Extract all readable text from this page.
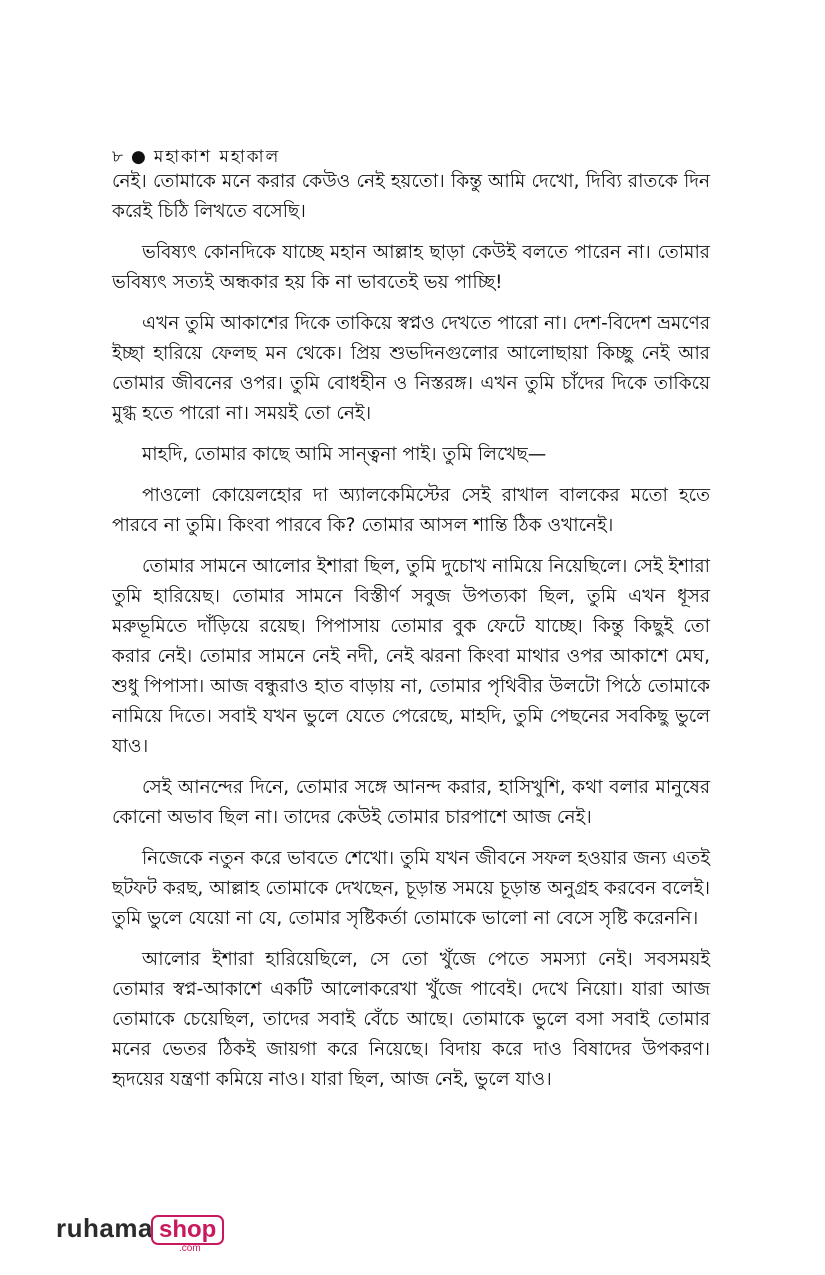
৮ ● মহাকাশ মহাকাল

নেই। তোমাকে মনে করার কেউও নেই হয়তো। কিন্তু আমি দেখো, দিব্যি রাতকে দিন করেই চিঠি লিখতে বসেছি।

ভবিষ্যৎ কোনদিকে যাচ্ছে মহান আল্লাহ ছাড়া কেউই বলতে পারেন না। তোমার ভবিষ্যৎ সত্যই অন্ধকার হয় কি না ভাবতেই ভয় পাচ্ছি!

এখন তুমি আকাশের দিকে তাকিয়ে স্বপ্নও দেখতে পারো না। দেশ-বিদেশ ভ্রমণের ইচ্ছা হারিয়ে ফেলছ মন থেকে। প্রিয় শুভদিনগুলোর আলোছায়া কিচ্ছু নেই আর তোমার জীবনের ওপর। তুমি বোধহীন ও নিস্তরঙ্গ। এখন তুমি চাঁদের দিকে তাকিয়ে মুগ্ধ হতে পারো না। সময়ই তো নেই।

মাহদি, তোমার কাছে আমি সান্ত্বনা পাই। তুমি লিখেছ—

পাওলো কোয়েলহোর দা অ্যালকেমিস্টের সেই রাখাল বালকের মতো হতে পারবে না তুমি। কিংবা পারবে কি? তোমার আসল শান্তি ঠিক ওখানেই।

তোমার সামনে আলোর ইশারা ছিল, তুমি দুচোখ নামিয়ে নিয়েছিলে। সেই ইশারা তুমি হারিয়েছ। তোমার সামনে বিস্তীর্ণ সবুজ উপত্যকা ছিল, তুমি এখন ধূসর মরুভূমিতে দাঁড়িয়ে রয়েছ। পিপাসায় তোমার বুক ফেটে যাচ্ছে। কিন্তু কিছুই তো করার নেই। তোমার সামনে নেই নদী, নেই ঝরনা কিংবা মাথার ওপর আকাশে মেঘ, শুধু পিপাসা। আজ বন্ধুরাও হাত বাড়ায় না, তোমার পৃথিবীর উলটো পিঠে তোমাকে নামিয়ে দিতে। সবাই যখন ভুলে যেতে পেরেছে, মাহদি, তুমি পেছনের সবকিছু ভুলে যাও।

সেই আনন্দের দিনে, তোমার সঙ্গে আনন্দ করার, হাসিখুশি, কথা বলার মানুষের কোনো অভাব ছিল না। তাদের কেউই তোমার চারপাশে আজ নেই।

নিজেকে নতুন করে ভাবতে শেখো। তুমি যখন জীবনে সফল হওয়ার জন্য এতই ছটফট করছ, আল্লাহ তোমাকে দেখছেন, চূড়ান্ত সময়ে চূড়ান্ত অনুগ্রহ করবেন বলেই। তুমি ভুলে যেয়ো না যে, তোমার সৃষ্টিকর্তা তোমাকে ভালো না বেসে সৃষ্টি করেননি।

আলোর ইশারা হারিয়েছিলে, সে তো খুঁজে পেতে সমস্যা নেই। সবসময়ই তোমার স্বপ্ন-আকাশে একটি আলোকরেখা খুঁজে পাবেই। দেখে নিয়ো। যারা আজ তোমাকে চেয়েছিল, তাদের সবাই বেঁচে আছে। তোমাকে ভুলে বসা সবাই তোমার মনের ভেতর ঠিকই জায়গা করে নিয়েছে। বিদায় করে দাও বিষাদের উপকরণ। হৃদয়ের যন্ত্রণা কমিয়ে নাও। যারা ছিল, আজ নেই, ভুলে যাও।

ruhama shop
.com
